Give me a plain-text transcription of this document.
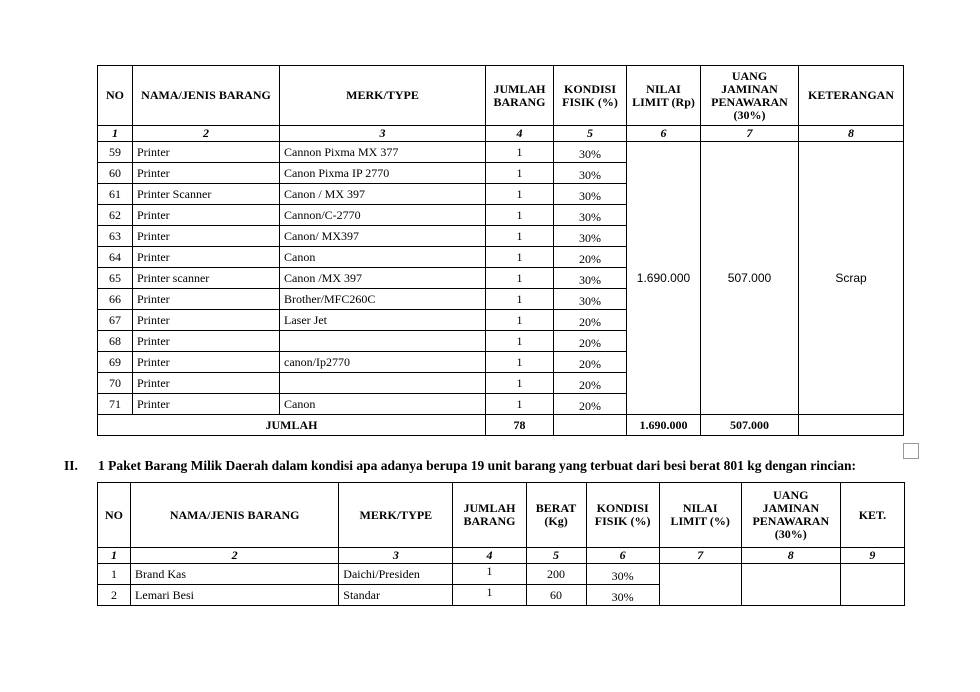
NO	NAMA/JENIS BARANG	MERK/TYPE	JUMLAH BARANG	KONDISI FISIK (%)	NILAI LIMIT (Rp)	UANG JAMINAN PENAWARAN (30%)	KETERANGAN
1	2	3	4	5	6	7	8
59	Printer	Cannon Pixma MX 377	1	30%	1.690.000	507.000	Scrap
60	Printer	Canon Pixma IP 2770	1	30%			
61	Printer Scanner	Canon / MX 397	1	30%			
62	Printer	Cannon/C-2770	1	30%			
63	Printer	Canon/ MX397	1	30%			
64	Printer	Canon	1	20%			
65	Printer scanner	Canon /MX 397	1	30%			
66	Printer	Brother/MFC260C	1	30%			
67	Printer	Laser Jet	1	20%			
68	Printer		1	20%			
69	Printer	canon/Ip2770	1	20%			
70	Printer		1	20%			
71	Printer	Canon	1	20%			
JUMLAH			78		1.690.000	507.000	
II. 1 Paket Barang Milik Daerah dalam kondisi apa adanya berupa 19 unit barang yang terbuat dari besi berat 801 kg dengan rincian:
NO	NAMA/JENIS BARANG	MERK/TYPE	JUMLAH BARANG	BERAT (Kg)	KONDISI FISIK (%)	NILAI LIMIT (%)	UANG JAMINAN PENAWARAN (30%)	KET.
1	2	3	4	5	6	7	8	9
1	Brand Kas	Daichi/Presiden	1	200	30%			
2	Lemari Besi	Standar	1	60	30%			
